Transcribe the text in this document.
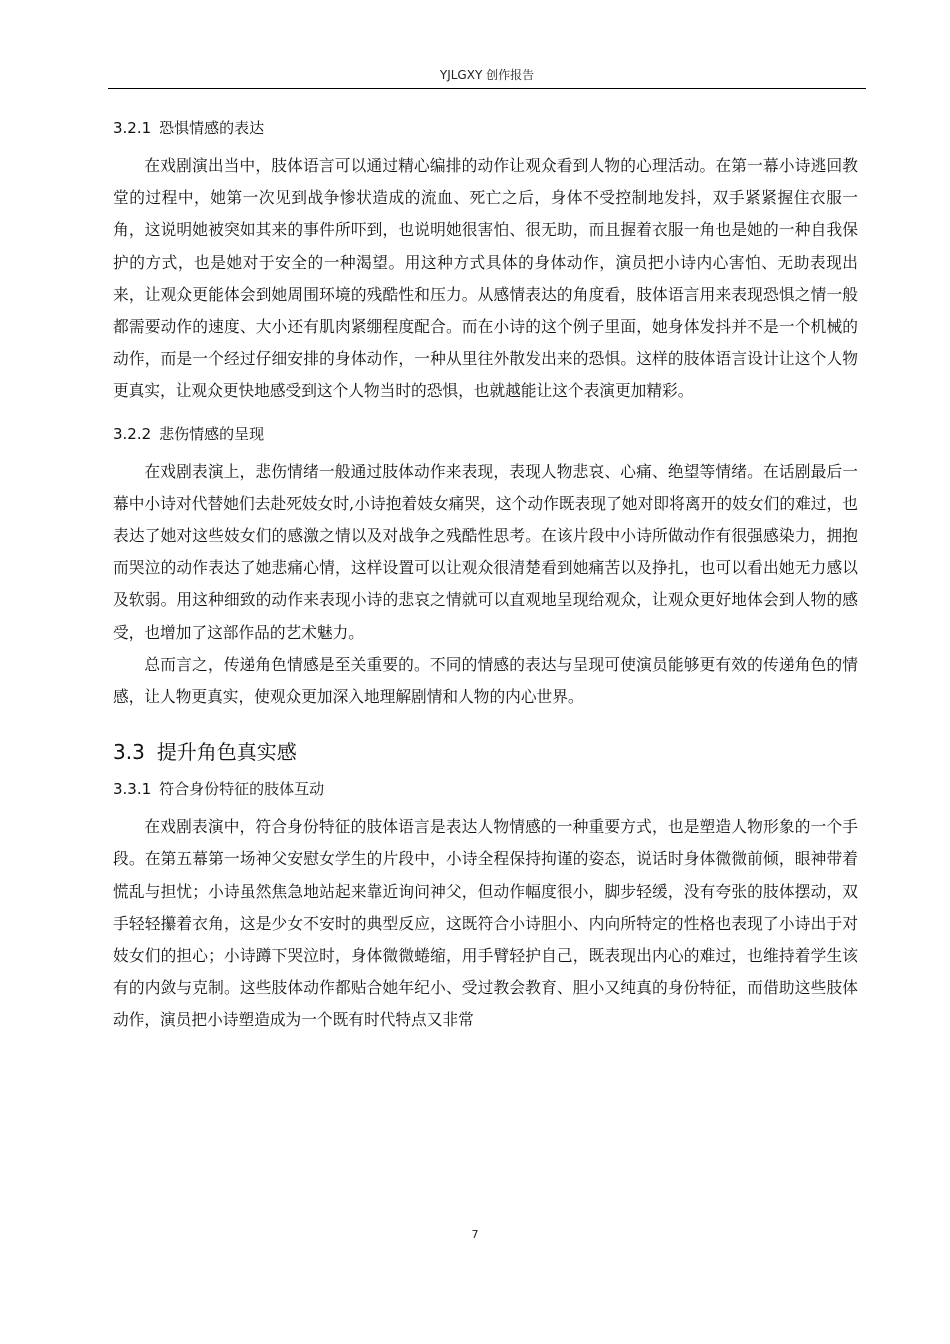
YJLGXY 创作报告
3.2.1 恐惧情感的表达

在戏剧演出当中，肢体语言可以通过精心编排的动作让观众看到人物的心理活动。在第一幕小诗逃回教堂的过程中，她第一次见到战争惨状造成的流血、死亡之后，身体不受控制地发抖，双手紧紧握住衣服一角，这说明她被突如其来的事件所吓到，也说明她很害怕、很无助，而且握着衣服一角也是她的一种自我保护的方式，也是她对于安全的一种渴望。用这种方式具体的身体动作，演员把小诗内心害怕、无助表现出来，让观众更能体会到她周围环境的残酷性和压力。从感情表达的角度看，肢体语言用来表现恐惧之情一般都需要动作的速度、大小还有肌肉紧绷程度配合。而在小诗的这个例子里面，她身体发抖并不是一个机械的动作，而是一个经过仔细安排的身体动作，一种从里往外散发出来的恐惧。这样的肢体语言设计让这个人物更真实，让观众更快地感受到这个人物当时的恐惧，也就越能让这个表演更加精彩。

3.2.2 悲伤情感的呈现

在戏剧表演上，悲伤情绪一般通过肢体动作来表现，表现人物悲哀、心痛、绝望等情绪。在话剧最后一幕中小诗对代替她们去赴死妓女时,小诗抱着妓女痛哭，这个动作既表现了她对即将离开的妓女们的难过，也表达了她对这些妓女们的感激之情以及对战争之残酷性思考。在该片段中小诗所做动作有很强感染力，拥抱而哭泣的动作表达了她悲痛心情，这样设置可以让观众很清楚看到她痛苦以及挣扎，也可以看出她无力感以及软弱。用这种细致的动作来表现小诗的悲哀之情就可以直观地呈现给观众，让观众更好地体会到人物的感受，也增加了这部作品的艺术魅力。

总而言之，传递角色情感是至关重要的。不同的情感的表达与呈现可使演员能够更有效的传递角色的情感，让人物更真实，使观众更加深入地理解剧情和人物的内心世界。

3.3 提升角色真实感
3.3.1 符合身份特征的肢体互动

在戏剧表演中，符合身份特征的肢体语言是表达人物情感的一种重要方式，也是塑造人物形象的一个手段。在第五幕第一场神父安慰女学生的片段中，小诗全程保持拘谨的姿态，说话时身体微微前倾，眼神带着慌乱与担忧；小诗虽然焦急地站起来靠近询问神父，但动作幅度很小，脚步轻缓，没有夸张的肢体摆动，双手轻轻攥着衣角，这是少女不安时的典型反应，这既符合小诗胆小、内向所特定的性格也表现了小诗出于对妓女们的担心；小诗蹲下哭泣时，身体微微蜷缩，用手臂轻护自己，既表现出内心的难过，也维持着学生该有的内敛与克制。这些肢体动作都贴合她年纪小、受过教会教育、胆小又纯真的身份特征，而借助这些肢体动作，演员把小诗塑造成为一个既有时代特点又非常

7
